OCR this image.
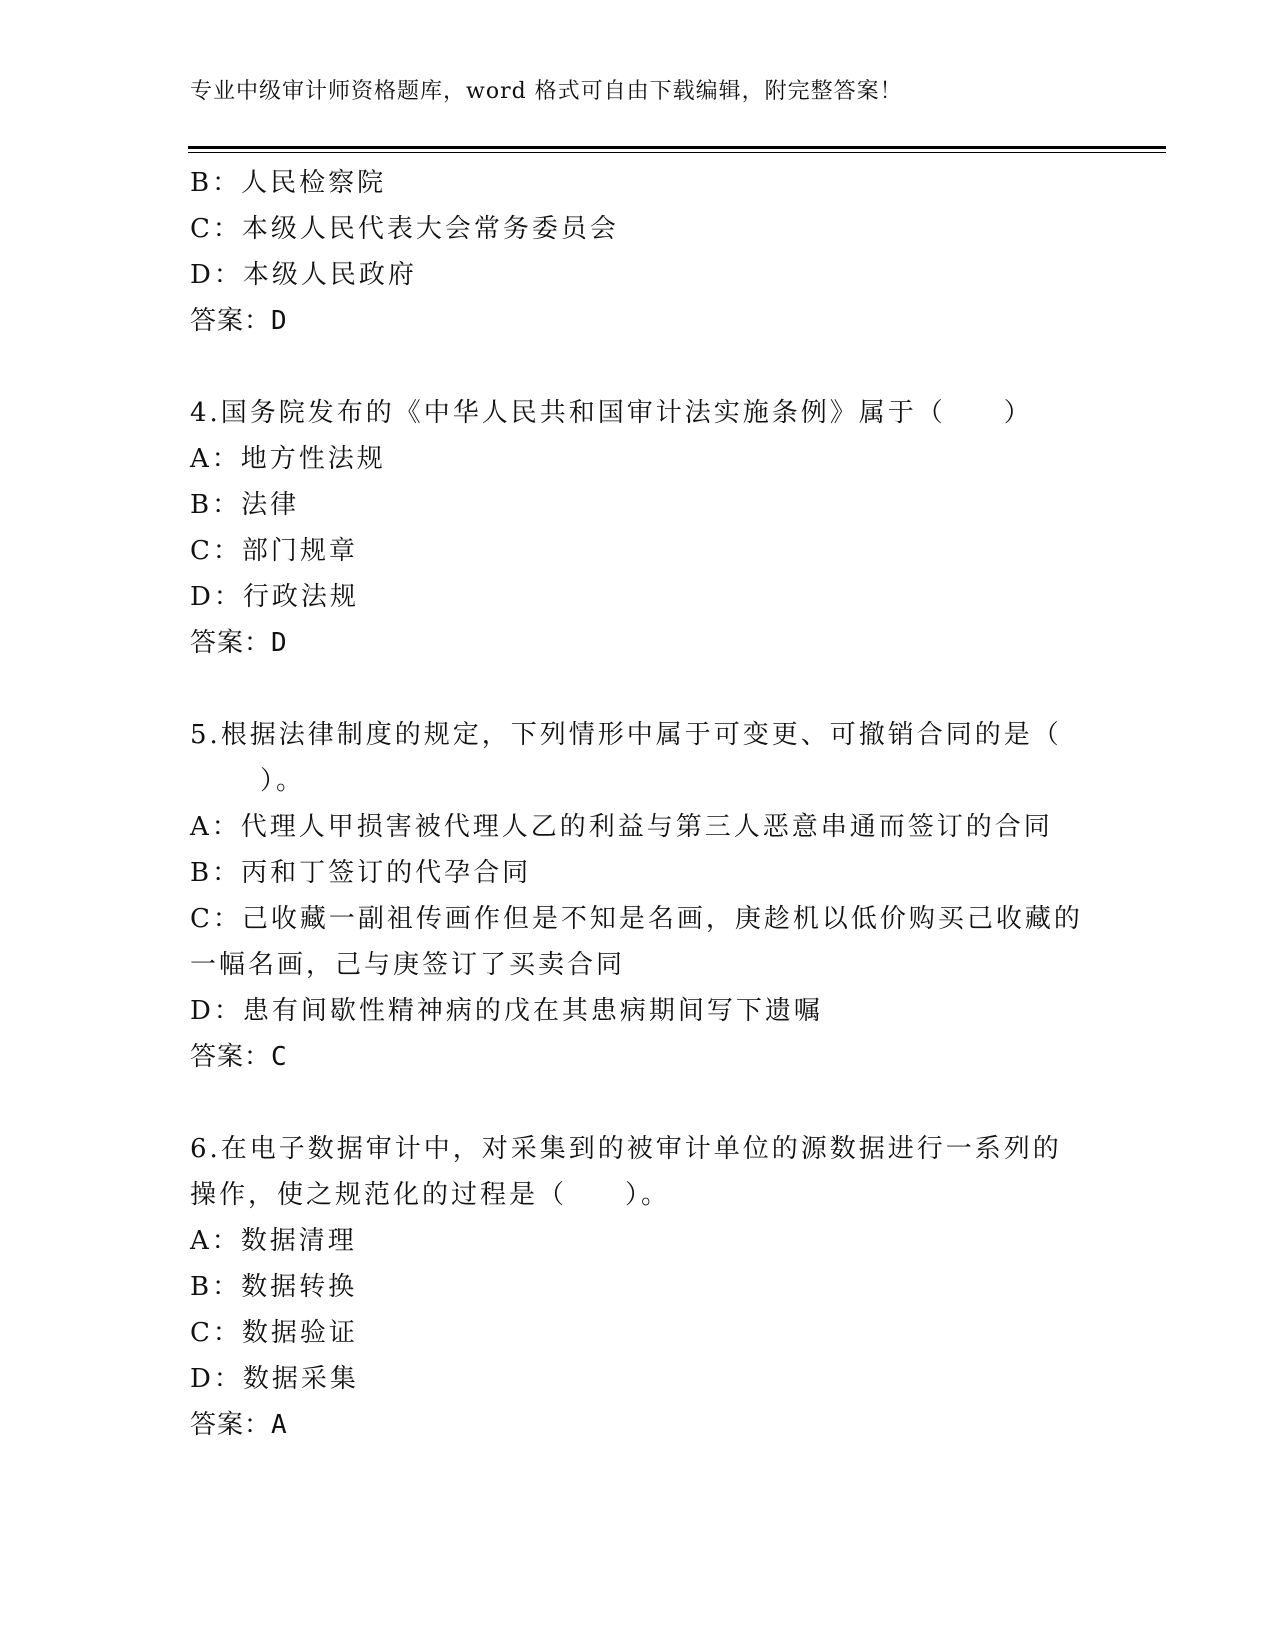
专业中级审计师资格题库，word 格式可自由下载编辑，附完整答案！
B：人民检察院
C：本级人民代表大会常务委员会
D：本级人民政府
答案：D
4.国务院发布的《中华人民共和国审计法实施条例》属于（　　）
A：地方性法规
B：法律
C：部门规章
D：行政法规
答案：D
5.根据法律制度的规定，下列情形中属于可变更、可撤销合同的是（
）。
A：代理人甲损害被代理人乙的利益与第三人恶意串通而签订的合同
B：丙和丁签订的代孕合同
C：己收藏一副祖传画作但是不知是名画，庚趁机以低价购买己收藏的
一幅名画，己与庚签订了买卖合同
D：患有间歇性精神病的戊在其患病期间写下遗嘱
答案：C
6.在电子数据审计中，对采集到的被审计单位的源数据进行一系列的
操作，使之规范化的过程是（　　）。
A：数据清理
B：数据转换
C：数据验证
D：数据采集
答案：A
